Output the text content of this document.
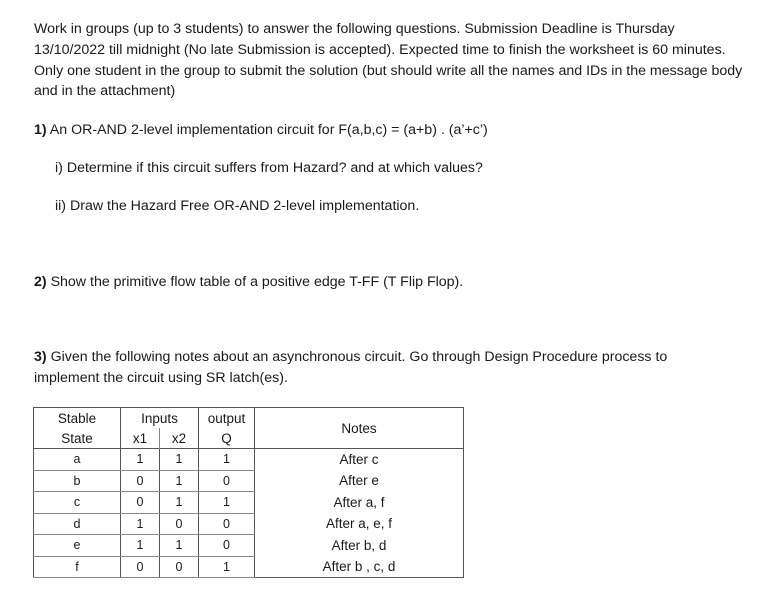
Work in groups (up to 3 students) to answer the following questions. Submission Deadline is Thursday 13/10/2022 till midnight (No late Submission is accepted). Expected time to finish the worksheet is 60 minutes. Only one student in the group to submit the solution (but should write all the names and IDs in the message body and in the attachment)
1) An OR-AND 2-level implementation circuit for F(a,b,c) = (a+b) . (a’+c’)
i) Determine if this circuit suffers from Hazard? and at which values?
ii) Draw the Hazard Free OR-AND 2-level implementation.
2) Show the primitive flow table of a positive edge T-FF (T Flip Flop).
3) Given the following notes about an asynchronous circuit. Go through Design Procedure process to implement the circuit using SR latch(es).
Stable	Inputs		output	Notes
State	x1	x2	Q	
a	1	1	1	After c
b	0	1	0	After e
c	0	1	1	After a, f
d	1	0	0	After a, e, f
e	1	1	0	After b, d
f	0	0	1	After b , c, d
